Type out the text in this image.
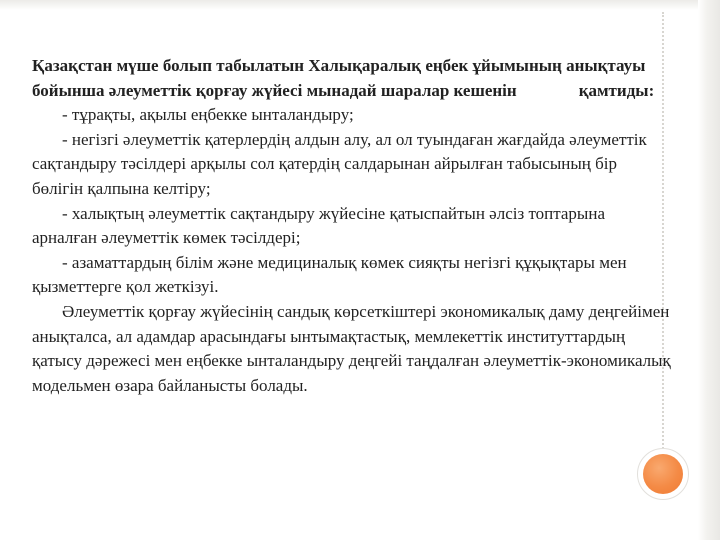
Қазақстан мүше болып табылатын Халықаралық еңбек ұйымының анықтауы бойынша әлеуметтік қорғау жүйесі мынадай шаралар кешенін	қамтиды:

- тұрақты, ақылы еңбекке ынталандыру;

- негізгі әлеуметтік қатерлердің алдын алу, ал ол туындаған жағдайда әлеуметтік сақтандыру тәсілдері арқылы сол қатердің салдарынан айрылған табысының бір бөлігін қалпына келтіру;

- халықтың әлеуметтік сақтандыру жүйесіне қатыспайтын әлсіз топтарына арналған әлеуметтік көмек тәсілдері;

- азаматтардың білім және медициналық көмек сияқты негізгі құқықтары мен қызметтерге қол жеткізуі.

Әлеуметтік қорғау жүйесінің сандық көрсеткіштері экономикалық даму деңгейімен анықталса, ал адамдар арасындағы ынтымақтастық, мемлекеттік институттардың қатысу дәрежесі мен еңбекке ынталандыру деңгейі таңдалған әлеуметтік-экономикалық модельмен өзара байланысты болады.
